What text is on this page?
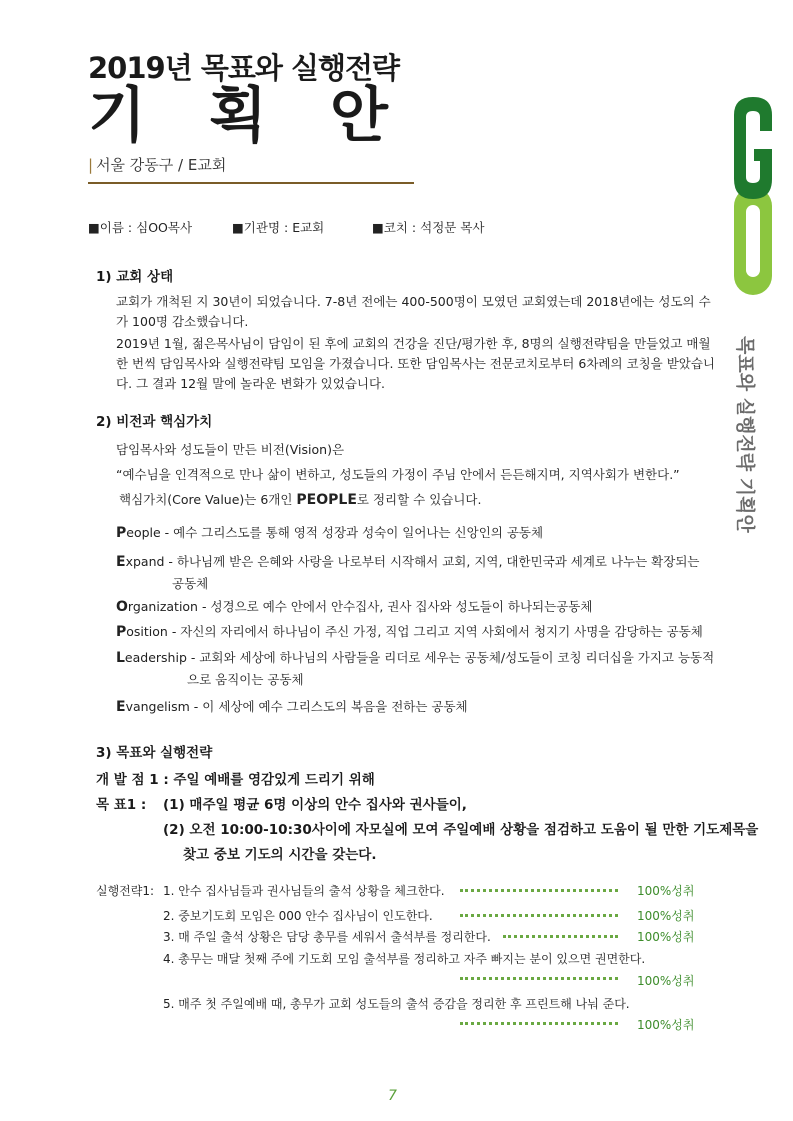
2019년 목표와 실행전략
기 획 안
| 서울 강동구 / E교회
■이름 : 심OO목사	■기관명 : E교회	■코치 : 석정문 목사
1) 교회 상태
교회가 개척된 지 30년이 되었습니다. 7-8년 전에는 400-500명이 모였던 교회였는데 2018년에는 성도의 수가 100명 감소했습니다.
2019년 1월, 젊은목사님이 담임이 된 후에 교회의 건강을 진단/평가한 후, 8명의 실행전략팀을 만들었고 매월 한 번씩 담임목사와 실행전략팀 모임을 가졌습니다. 또한 담임목사는 전문코치로부터 6차례의 코칭을 받았습니다. 그 결과 12월 말에 놀라운 변화가 있었습니다.
2) 비전과 핵심가치
담임목사와 성도들이 만든 비전(Vision)은
“예수님을 인격적으로 만나 삶이 변하고, 성도들의 가정이 주님 안에서 든든해지며, 지역사회가 변한다.”
핵심가치(Core Value)는 6개인 PEOPLE로 정리할 수 있습니다.
People - 예수 그리스도를 통해 영적 성장과 성숙이 일어나는 신앙인의 공동체
Expand - 하나님께 받은 은혜와 사랑을 나로부터 시작해서 교회, 지역, 대한민국과 세계로 나누는 확장되는
공동체
Organization - 성경으로 예수 안에서 안수집사, 권사 집사와 성도들이 하나되는공동체
Position - 자신의 자리에서 하나님이 주신 가정, 직업 그리고 지역 사회에서 청지기 사명을 감당하는 공동체
Leadership - 교회와 세상에 하나님의 사람들을 리더로 세우는 공동체/성도들이 코칭 리더십을 가지고 능동적
으로 움직이는 공동체
Evangelism - 이 세상에 예수 그리스도의 복음을 전하는 공동체
3) 목표와 실행전략
개 발 점 1 : 주일 예배를 영감있게 드리기 위해
목 표1 : (1) 매주일 평균 6명 이상의 안수 집사와 권사들이,
(2) 오전 10:00-10:30사이에 자모실에 모여 주일예배 상황을 점검하고 도움이 될 만한 기도제목을
찾고 중보 기도의 시간을 갖는다.
실행전략1: 1. 안수 집사님들과 권사님들의 출석 상황을 체크한다.	100%성취
2. 중보기도회 모임은 000 안수 집사님이 인도한다.	100%성취
3. 매 주일 출석 상황은 담당 총무를 세워서 출석부를 정리한다.	100%성취
4. 총무는 매달 첫째 주에 기도회 모임 출석부를 정리하고 자주 빠지는 분이 있으면 권면한다.
100%성취
5. 매주 첫 주일예배 때, 총무가 교회 성도들의 출석 증감을 정리한 후 프린트해 나눠 준다.
100%성취
7
목표와 실행전략 기획안
